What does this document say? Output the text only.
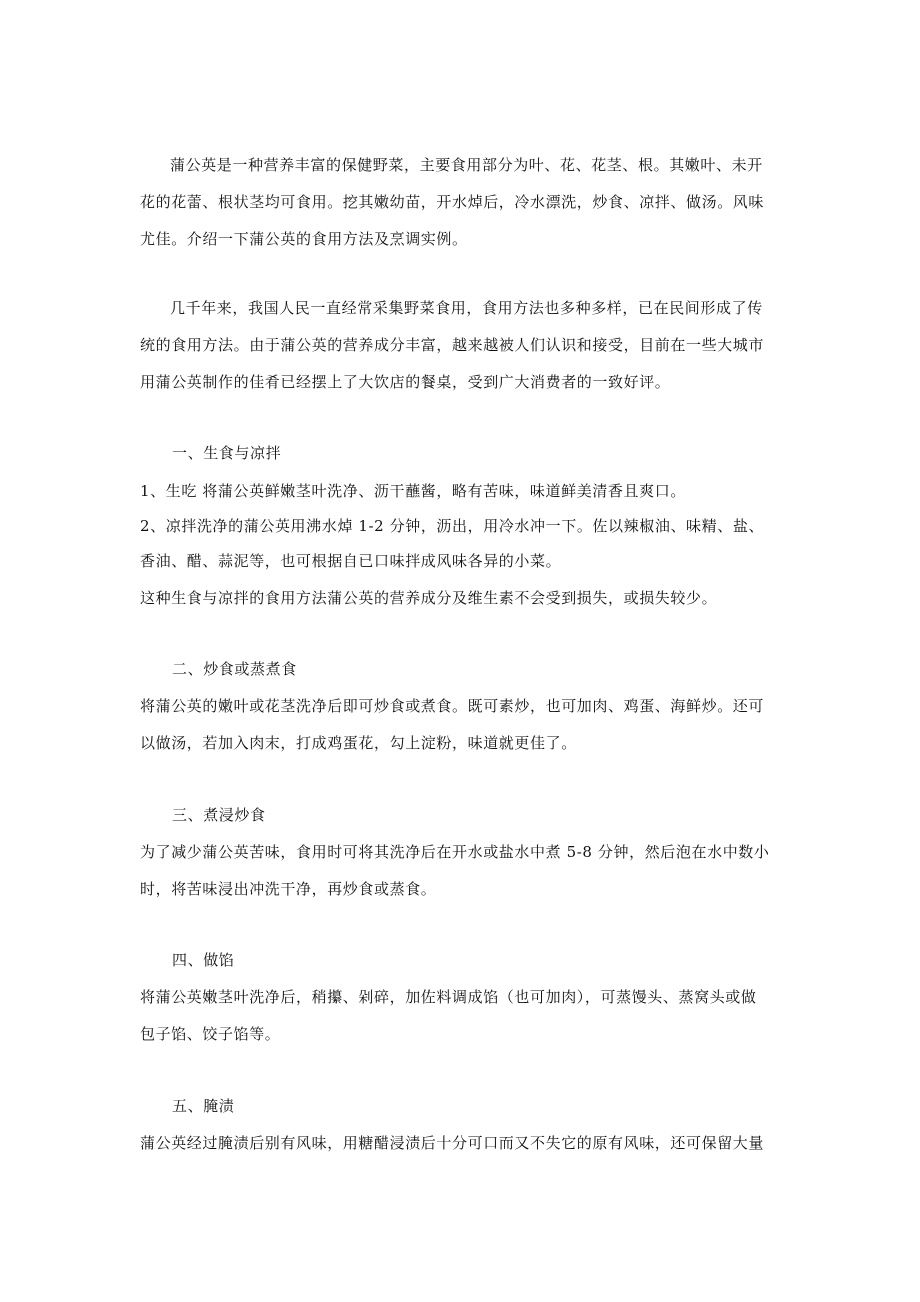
蒲公英是一种营养丰富的保健野菜，主要食用部分为叶、花、花茎、根。其嫩叶、未开
花的花蕾、根状茎均可食用。挖其嫩幼苗，开水焯后，冷水漂洗，炒食、凉拌、做汤。风味
尤佳。介绍一下蒲公英的食用方法及烹调实例。
几千年来，我国人民一直经常采集野菜食用，食用方法也多种多样，已在民间形成了传
统的食用方法。由于蒲公英的营养成分丰富，越来越被人们认识和接受，目前在一些大城市
用蒲公英制作的佳肴已经摆上了大饮店的餐桌，受到广大消费者的一致好评。
一、生食与凉拌
1、生吃 将蒲公英鲜嫩茎叶洗净、沥干蘸酱，略有苦味，味道鲜美清香且爽口。
2、凉拌洗净的蒲公英用沸水焯 1-2 分钟，沥出，用冷水冲一下。佐以辣椒油、味精、盐、
香油、醋、蒜泥等，也可根据自已口味拌成风味各异的小菜。
这种生食与凉拌的食用方法蒲公英的营养成分及维生素不会受到损失，或损失较少。
二、炒食或蒸煮食
将蒲公英的嫩叶或花茎洗净后即可炒食或煮食。既可素炒，也可加肉、鸡蛋、海鲜炒。还可
以做汤，若加入肉末，打成鸡蛋花，勾上淀粉，味道就更佳了。
三、煮浸炒食
为了减少蒲公英苦味，食用时可将其洗净后在开水或盐水中煮 5-8 分钟，然后泡在水中数小
时，将苦味浸出冲洗干净，再炒食或蒸食。
四、做馅
将蒲公英嫩茎叶洗净后，稍攥、剁碎，加佐料调成馅（也可加肉），可蒸馒头、蒸窝头或做
包子馅、饺子馅等。
五、腌渍
蒲公英经过腌渍后别有风味，用糖醋浸渍后十分可口而又不失它的原有风味，还可保留大量
